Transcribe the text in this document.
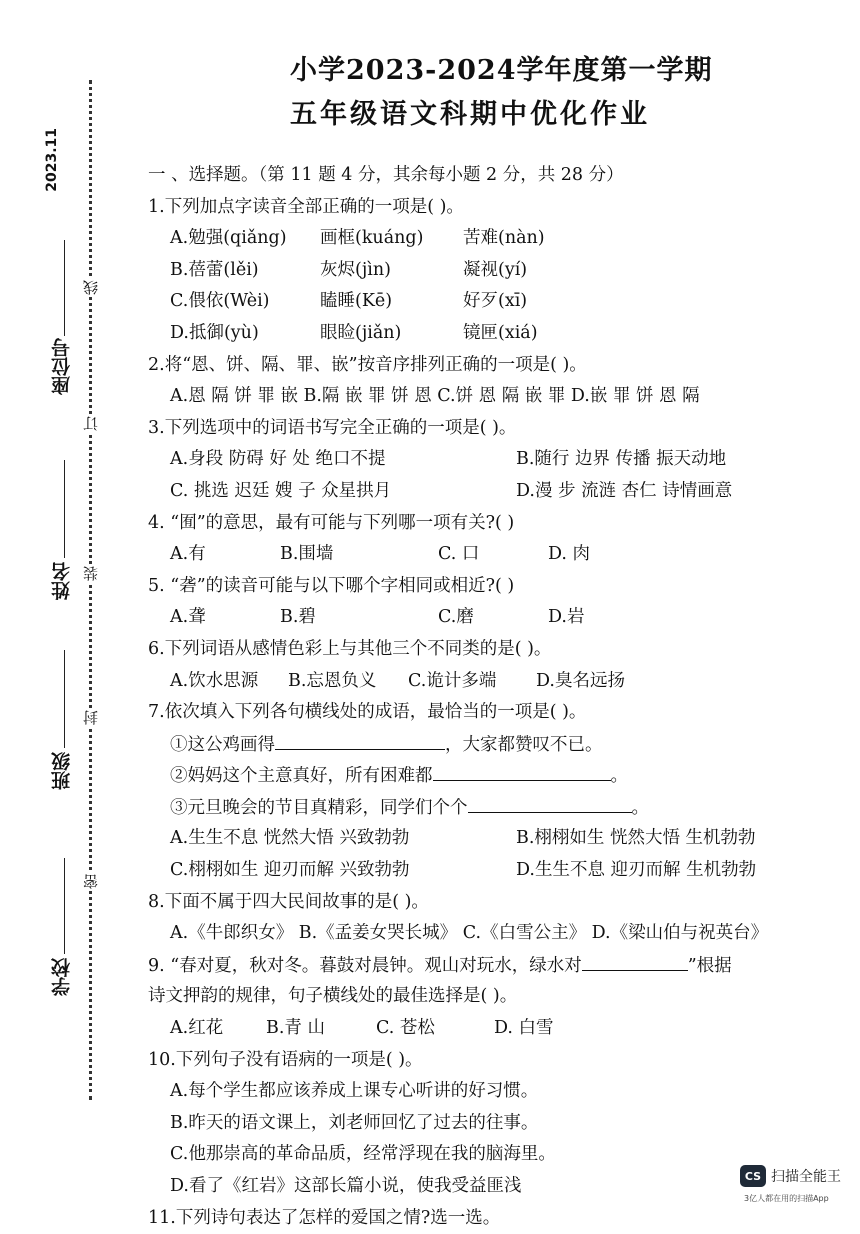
2023.11
座位号
姓名
班级
学校
线
订
装
封
密
小学2023-2024学年度第一学期
五年级语文科期中优化作业
一 、选择题。（第 11 题 4 分，其余每小题 2 分，共 28 分）
1.下列加点字读音全部正确的一项是( )。
A.勉强(qiǎng) 画框(kuáng) 苦难(nàn)
B.蓓蕾(lěi)	灰烬(jìn)	凝视(yí)
C.偎依(Wèi)	瞌睡(Kē)	好歹(xī)
D.抵御(yù)	眼睑(jiǎn)	镜匣(xiá)
2.将“恩、饼、隔、罪、嵌”按音序排列正确的一项是( )。
A.恩 隔 饼 罪 嵌 B.隔 嵌 罪 饼 恩 C.饼 恩 隔 嵌 罪 D.嵌 罪 饼 恩 隔
3.下列选项中的词语书写完全正确的一项是( )。
A.身段 防碍 好 处 绝口不提	B.随行 边界 传播 振天动地
C. 挑选 迟廷 嫂 子 众星拱月	D.漫 步 流涟 杏仁 诗情画意
4. “囿”的意思，最有可能与下列哪一项有关?( )
A.有	B.围墙	C. 口	D. 肉
5. “砻”的读音可能与以下哪个字相同或相近?( )
A.聋	B.碧	C.磨	D.岩
6.下列词语从感情色彩上与其他三个不同类的是( )。
A.饮水思源 B.忘恩负义 C.诡计多端 D.臭名远扬
7.依次填入下列各句横线处的成语，最恰当的一项是( )。
①这公鸡画得	，大家都赞叹不已。
②妈妈这个主意真好，所有困难都	。
③元旦晚会的节目真精彩，同学们个个	。
A.生生不息 恍然大悟 兴致勃勃	B.栩栩如生 恍然大悟 生机勃勃
C.栩栩如生 迎刃而解 兴致勃勃	D.生生不息 迎刃而解 生机勃勃
8.下面不属于四大民间故事的是( )。
A.《牛郎织女》 B.《孟姜女哭长城》 C.《白雪公主》 D.《梁山伯与祝英台》
9. “春对夏，秋对冬。暮鼓对晨钟。观山对玩水，绿水对	”根据
诗文押韵的规律，句子横线处的最佳选择是( )。
A.红花 B.青 山	C. 苍松	D. 白雪
10.下列句子没有语病的一项是( )。
A.每个学生都应该养成上课专心听讲的好习惯。
B.昨天的语文课上，刘老师回忆了过去的往事。
C.他那崇高的革命品质，经常浮现在我的脑海里。
D.看了《红岩》这部长篇小说，使我受益匪浅
11.下列诗句表达了怎样的爱国之情?选一选。
CS 扫描全能王
3亿人都在用的扫描App
